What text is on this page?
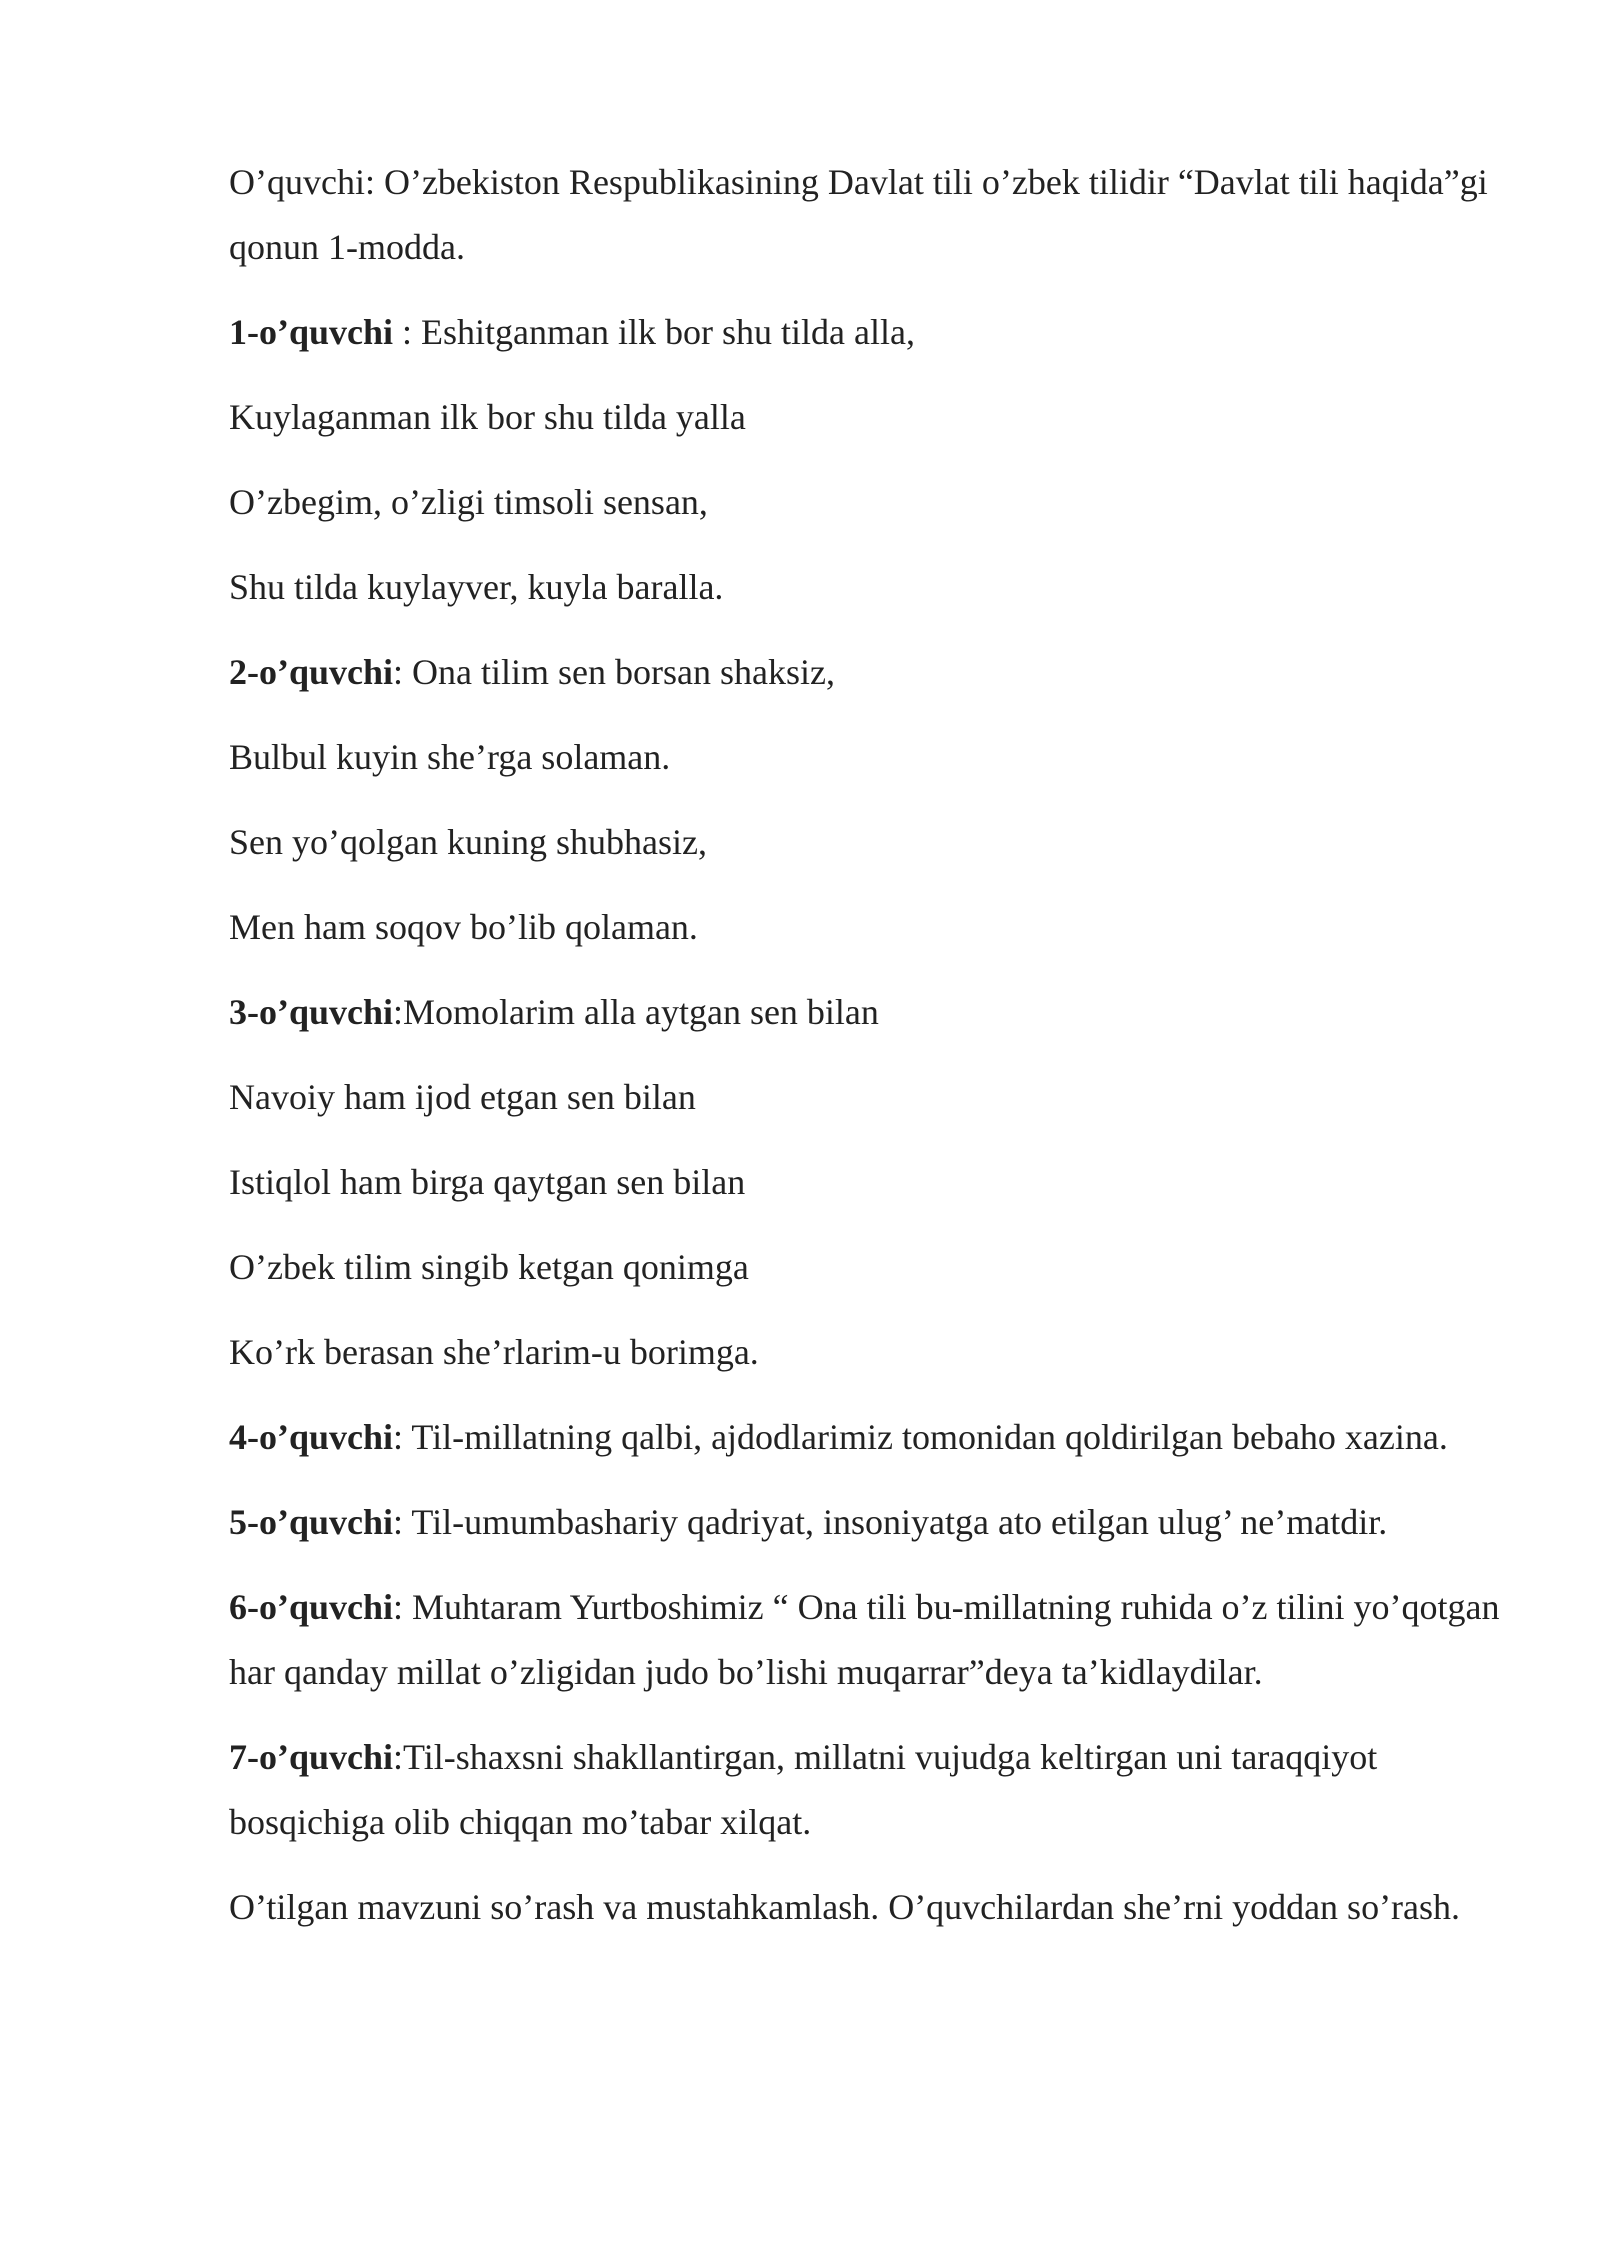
O’quvchi: O’zbekiston Respublikasining Davlat tili o’zbek tilidir “Davlat tili haqida”gi qonun 1-modda.

1-o’quvchi : Eshitganman ilk bor shu tilda alla,

Kuylaganman ilk bor shu tilda yalla

O’zbegim, o’zligi timsoli sensan,

Shu tilda kuylayver, kuyla baralla.

2-o’quvchi: Ona tilim sen borsan shaksiz,

Bulbul kuyin she’rga solaman.

Sen yo’qolgan kuning shubhasiz,

Men ham soqov bo’lib qolaman.

3-o’quvchi:Momolarim alla aytgan sen bilan

Navoiy ham ijod etgan sen bilan

Istiqlol ham birga qaytgan sen bilan

O’zbek tilim singib ketgan qonimga

Ko’rk berasan she’rlarim-u borimga.

4-o’quvchi: Til-millatning qalbi, ajdodlarimiz tomonidan qoldirilgan bebaho xazina.

5-o’quvchi: Til-umumbashariy qadriyat, insoniyatga ato etilgan ulug’ ne’matdir.

6-o’quvchi: Muhtaram Yurtboshimiz “ Ona tili bu-millatning ruhida o’z tilini yo’qotgan har qanday millat o’zligidan judo bo’lishi muqarrar”deya ta’kidlaydilar.

7-o’quvchi:Til-shaxsni shakllantirgan, millatni vujudga keltirgan uni taraqqiyot bosqichiga olib chiqqan mo’tabar xilqat.

O’tilgan mavzuni so’rash va mustahkamlash. O’quvchilardan she’rni yoddan so’rash.
